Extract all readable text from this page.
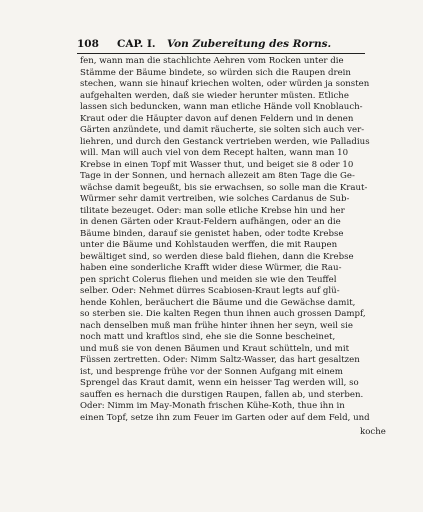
108 CAP. I. Von Zubereitung des Rorns.
fen, wann man die stachlichte Aehren vom Rocken unter die
Stämme der Bäume bindete, so würden sich die Raupen drein
stechen, wann sie hinauf kriechen wolten, oder würden ja sonsten
aufgehalten werden, daß sie wieder herunter müsten. Etliche
lassen sich beduncken, wann man etliche Hände voll Knoblauch-
Kraut oder die Häupter davon auf denen Feldern und in denen
Gärten anzündete, und damit räucherte, sie solten sich auch ver-
liehren, und durch den Gestanck vertrieben werden, wie Palladius
will. Man will auch viel von dem Recept halten, wann man 10
Krebse in einen Topf mit Wasser thut, und beiget sie 8 oder 10
Tage in der Sonnen, und hernach allezeit am 8ten Tage die Ge-
wächse damit begeußt, bis sie erwachsen, so solle man die Kraut-
Würmer sehr damit vertreiben, wie solches Cardanus de Sub-
tilitate bezeuget. Oder: man solle etliche Krebse hin und her
in denen Gärten oder Kraut-Feldern aufhängen, oder an die
Bäume binden, darauf sie genistet haben, oder todte Krebse
unter die Bäume und Kohlstauden werffen, die mit Raupen
bewältiget sind, so werden diese bald fliehen, dann die Krebse
haben eine sonderliche Krafft wider diese Würmer, die Rau-
pen spricht Colerus fliehen und meiden sie wie den Teuffel
selber. Oder: Nehmet dürres Scabiosen-Kraut legts auf glü-
hende Kohlen, beräuchert die Bäume und die Gewächse damit,
so sterben sie. Die kalten Regen thun ihnen auch grossen Dampf,
nach denselben muß man frühe hinter ihnen her seyn, weil sie
noch matt und kraftlos sind, ehe sie die Sonne bescheinet,
und muß sie von denen Bäumen und Kraut schütteln, und mit
Füssen zertretten. Oder: Nimm Saltz-Wasser, das hart gesaltzen
ist, und besprenge frühe vor der Sonnen Aufgang mit einem
Sprengel das Kraut damit, wenn ein heisser Tag werden will, so
sauffen es hernach die durstigen Raupen, fallen ab, und sterben.
Oder: Nimm im May-Monath frischen Kühe-Koth, thue ihn in
einen Topf, setze ihn zum Feuer im Garten oder auf dem Feld, und
koche
